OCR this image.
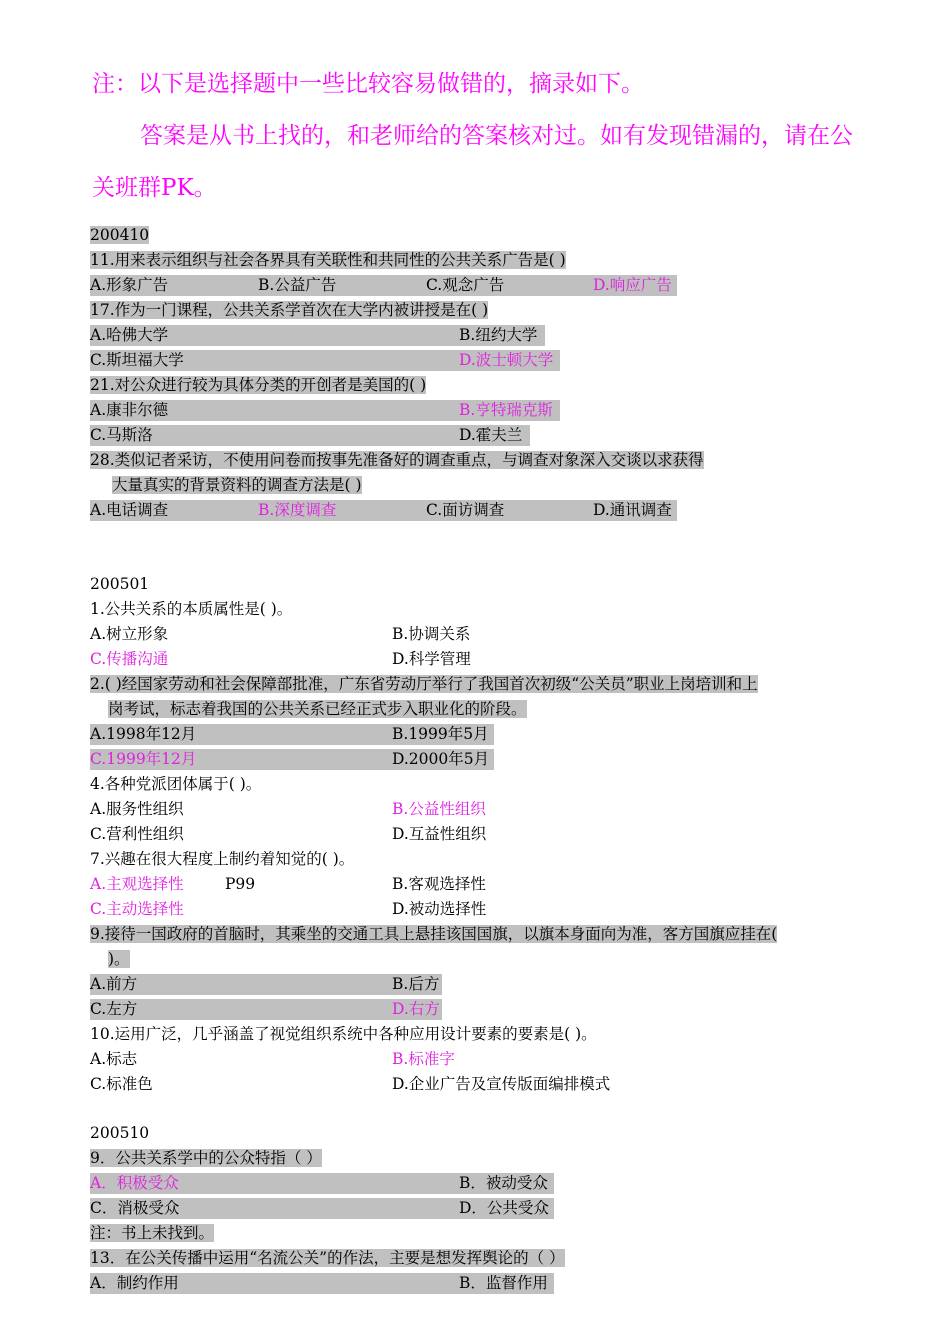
注：以下是选择题中一些比较容易做错的，摘录如下。

答案是从书上找的，和老师给的答案核对过。如有发现错漏的，请在公关班群PK。

200410
11.用来表示组织与社会各界具有关联性和共同性的公共关系广告是( )
A.形象广告	B.公益广告	C.观念广告	D.响应广告
17.作为一门课程，公共关系学首次在大学内被讲授是在( )
A.哈佛大学	B.纽约大学
C.斯坦福大学	D.波士顿大学
21.对公众进行较为具体分类的开创者是美国的( )
A.康非尔德	B.亨特瑞克斯
C.马斯洛	D.霍夫兰
28.类似记者采访，不使用问卷而按事先准备好的调查重点，与调查对象深入交谈以求获得
大量真实的背景资料的调查方法是( )
A.电话调查	B.深度调查	C.面访调查	D.通讯调查
200501
1.公共关系的本质属性是( )。
A.树立形象	B.协调关系
C.传播沟通	D.科学管理
2.( )经国家劳动和社会保障部批准，广东省劳动厅举行了我国首次初级“公关员”职业上岗培训和上
岗考试，标志着我国的公共关系已经正式步入职业化的阶段。
A.1998年12月	B.1999年5月
C.1999年12月	D.2000年5月
4.各种党派团体属于( )。
A.服务性组织	B.公益性组织
C.营利性组织	D.互益性组织
7.兴趣在很大程度上制约着知觉的( )。
A.主观选择性	P99	B.客观选择性
C.主动选择性	D.被动选择性
9.接待一国政府的首脑时，其乘坐的交通工具上悬挂该国国旗，以旗本身面向为准，客方国旗应挂在(
)。
A.前方	B.后方
C.左方	D.右方
10.运用广泛，几乎涵盖了视觉组织系统中各种应用设计要素的要素是( )。
A.标志	B.标准字
C.标准色	D.企业广告及宣传版面编排模式
200510
9．公共关系学中的公众特指（ ）
A．积极受众	B．被动受众
C．消极受众	D．公共受众
注：书上未找到。
13．在公关传播中运用“名流公关”的作法，主要是想发挥舆论的（ ）
A．制约作用	B．监督作用
